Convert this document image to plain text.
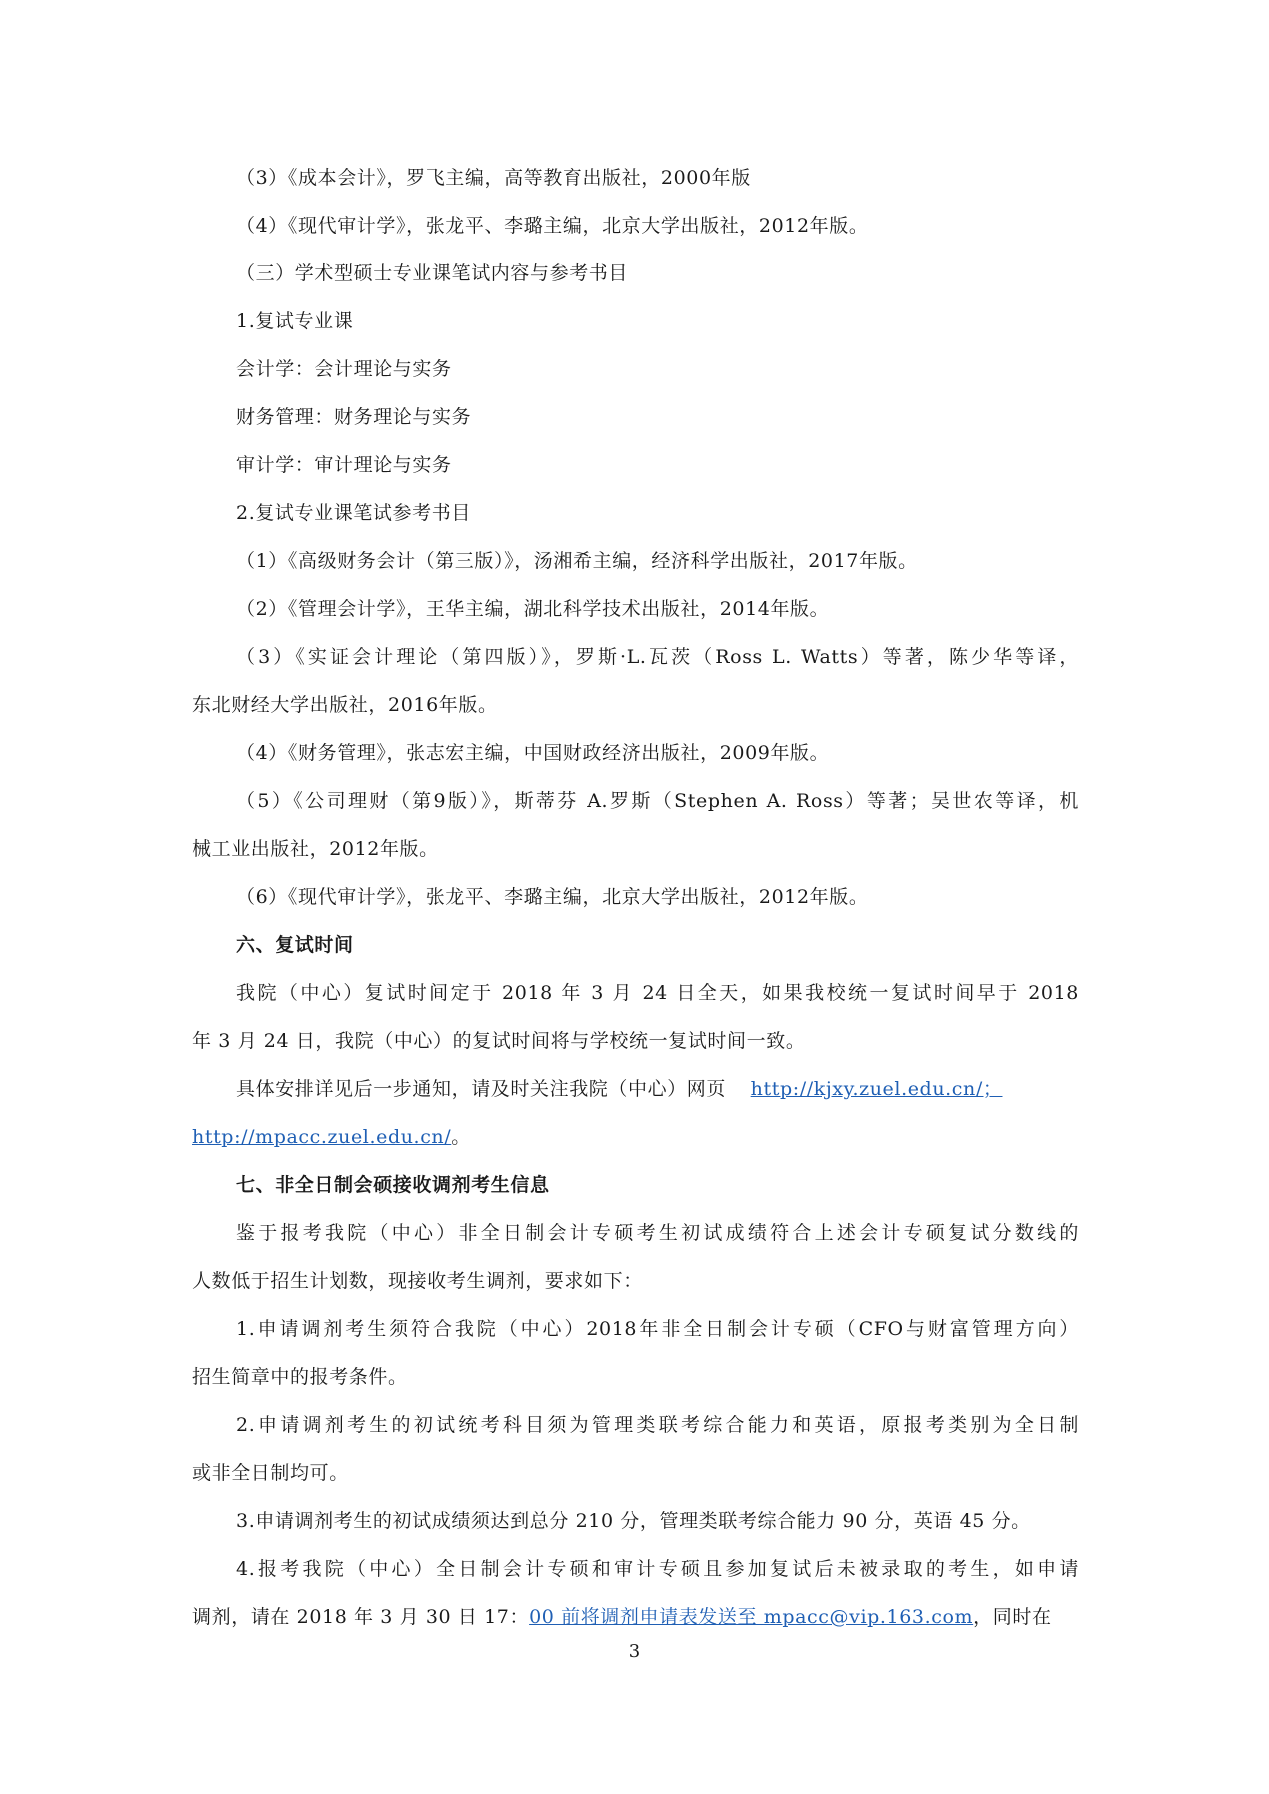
（3）《成本会计》，罗飞主编，高等教育出版社，2000年版

（4）《现代审计学》，张龙平、李璐主编，北京大学出版社，2012年版。

（三）学术型硕士专业课笔试内容与参考书目

1.复试专业课

会计学：会计理论与实务

财务管理：财务理论与实务

审计学：审计理论与实务

2.复试专业课笔试参考书目

（1）《高级财务会计（第三版）》，汤湘希主编，经济科学出版社，2017年版。

（2）《管理会计学》，王华主编，湖北科学技术出版社，2014年版。

（3）《实证会计理论（第四版）》，罗斯·L.瓦茨（Ross L. Watts）等著，陈少华等译，

东北财经大学出版社，2016年版。

（4）《财务管理》，张志宏主编，中国财政经济出版社，2009年版。

（5）《公司理财（第9版）》，斯蒂芬 A.罗斯（Stephen A. Ross）等著；吴世农等译，机

械工业出版社，2012年版。

（6）《现代审计学》，张龙平、李璐主编，北京大学出版社，2012年版。

六、复试时间

我院（中心）复试时间定于 2018 年 3 月 24 日全天，如果我校统一复试时间早于 2018

年 3 月 24 日，我院（中心）的复试时间将与学校统一复试时间一致。

具体安排详见后一步通知，请及时关注我院（中心）网页 http://kjxy.zuel.edu.cn/；

http://mpacc.zuel.edu.cn/。

七、非全日制会硕接收调剂考生信息

鉴于报考我院（中心）非全日制会计专硕考生初试成绩符合上述会计专硕复试分数线的

人数低于招生计划数，现接收考生调剂，要求如下：

1.申请调剂考生须符合我院（中心）2018年非全日制会计专硕（CFO与财富管理方向）

招生简章中的报考条件。

2.申请调剂考生的初试统考科目须为管理类联考综合能力和英语，原报考类别为全日制

或非全日制均可。

3.申请调剂考生的初试成绩须达到总分 210 分，管理类联考综合能力 90 分，英语 45 分。

4.报考我院（中心）全日制会计专硕和审计专硕且参加复试后未被录取的考生，如申请

调剂，请在 2018 年 3 月 30 日 17：00 前将调剂申请表发送至 mpacc@vip.163.com，同时在

3
